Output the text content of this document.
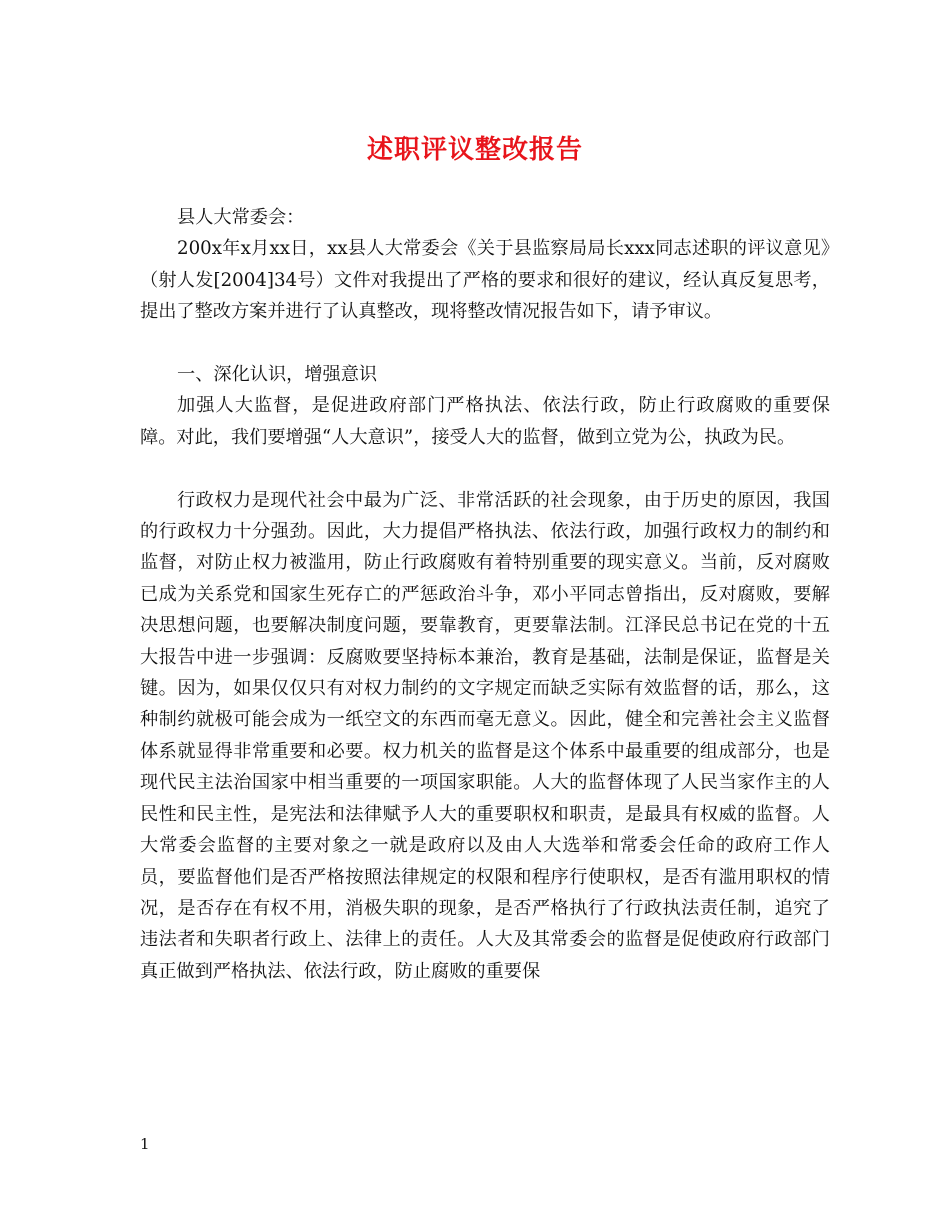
述职评议整改报告

县人大常委会：

200x年x月xx日，xx县人大常委会《关于县监察局局长xxx同志述职的评议意见》（射人发[2004]34号）文件对我提出了严格的要求和很好的建议，经认真反复思考，提出了整改方案并进行了认真整改，现将整改情况报告如下，请予审议。

一、深化认识，增强意识

加强人大监督，是促进政府部门严格执法、依法行政，防止行政腐败的重要保障。对此，我们要增强“人大意识”，接受人大的监督，做到立党为公，执政为民。

行政权力是现代社会中最为广泛、非常活跃的社会现象，由于历史的原因，我国的行政权力十分强劲。因此，大力提倡严格执法、依法行政，加强行政权力的制约和监督，对防止权力被滥用，防止行政腐败有着特别重要的现实意义。当前，反对腐败已成为关系党和国家生死存亡的严惩政治斗争，邓小平同志曾指出，反对腐败，要解决思想问题，也要解决制度问题，要靠教育，更要靠法制。江泽民总书记在党的十五大报告中进一步强调：反腐败要坚持标本兼治，教育是基础，法制是保证，监督是关键。因为，如果仅仅只有对权力制约的文字规定而缺乏实际有效监督的话，那么，这种制约就极可能会成为一纸空文的东西而毫无意义。因此，健全和完善社会主义监督体系就显得非常重要和必要。权力机关的监督是这个体系中最重要的组成部分，也是现代民主法治国家中相当重要的一项国家职能。人大的监督体现了人民当家作主的人民性和民主性，是宪法和法律赋予人大的重要职权和职责，是最具有权威的监督。人大常委会监督的主要对象之一就是政府以及由人大选举和常委会任命的政府工作人员，要监督他们是否严格按照法律规定的权限和程序行使职权，是否有滥用职权的情况，是否存在有权不用，消极失职的现象，是否严格执行了行政执法责任制，追究了违法者和失职者行政上、法律上的责任。人大及其常委会的监督是促使政府行政部门真正做到严格执法、依法行政，防止腐败的重要保

1
